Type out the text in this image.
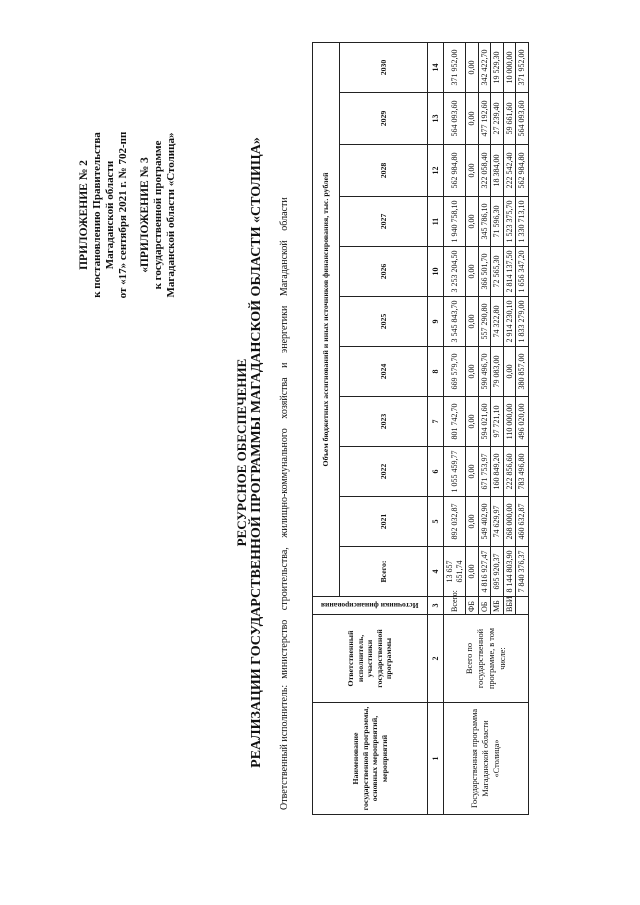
ПРИЛОЖЕНИЕ № 2 к постановлению Правительства Магаданской области от «17» сентября 2021 г. № 702-пп «ПРИЛОЖЕНИЕ № 3 к государственной программе Магаданской области «Столица»
РЕСУРСНОЕ ОБЕСПЕЧЕНИЕ РЕАЛИЗАЦИИ ГОСУДАРСТВЕННОЙ ПРОГРАММЫ МАГАДАНСКОЙ ОБЛАСТИ «СТОЛИЦА» Ответственный исполнитель:министерство строительства, жилищно-коммунального хозяйства и энергетики Магаданской области
Наименование государственной программы, основных мероприятий, мероприятий	Ответственный исполнитель, участники государственной программы	Источники финансирования	Объем бюджетных ассигнований и иных источников финансирования, тыс. рублей										
			Всего:	2021	2022	2023	2024	2025	2026	2027	2028	2029	2030
1	2	3	4	5	6	7	8	9	10	11	12	13	14
Государственная программа Магаданской области «Столица»	Всего по государственной программе, в том числе:	Всего:	13 657 651,74	892 032,87	1 055 459,77	801 742,70	669 579,70	3 545 843,70	3 253 204,50	1 940 758,10	562 984,80	564 093,60	371 952,00
		ФБ	0,00	0,00	0,00	0,00	0,00	0,00	0,00	0,00	0,00	0,00	0,00
		ОБ	4 816 927,47	549 402,90	671 753,97	594 021,60	590 496,70	557 290,80	366 501,70	345 786,10	322 058,40	477 192,60	342 422,70
		МБ	695 920,37	74 629,97	160 849,20	97 721,10	79 083,00	74 322,80	72 565,30	71 596,30	18 384,00	27 239,40	19 529,30
		ВБИ	8 144 803,90	268 000,00	222 856,60	110 000,00	0,00	2 914 230,10	2 814 137,50	1 523 375,70	222 542,40	59 661,60	10 000,00
			7 840 376,37	460 632,87	783 496,80	496 020,00	380 857,00	1 833 279,00	1 656 347,20	1 330 713,10	562 984,80	564 093,60	371 952,00
